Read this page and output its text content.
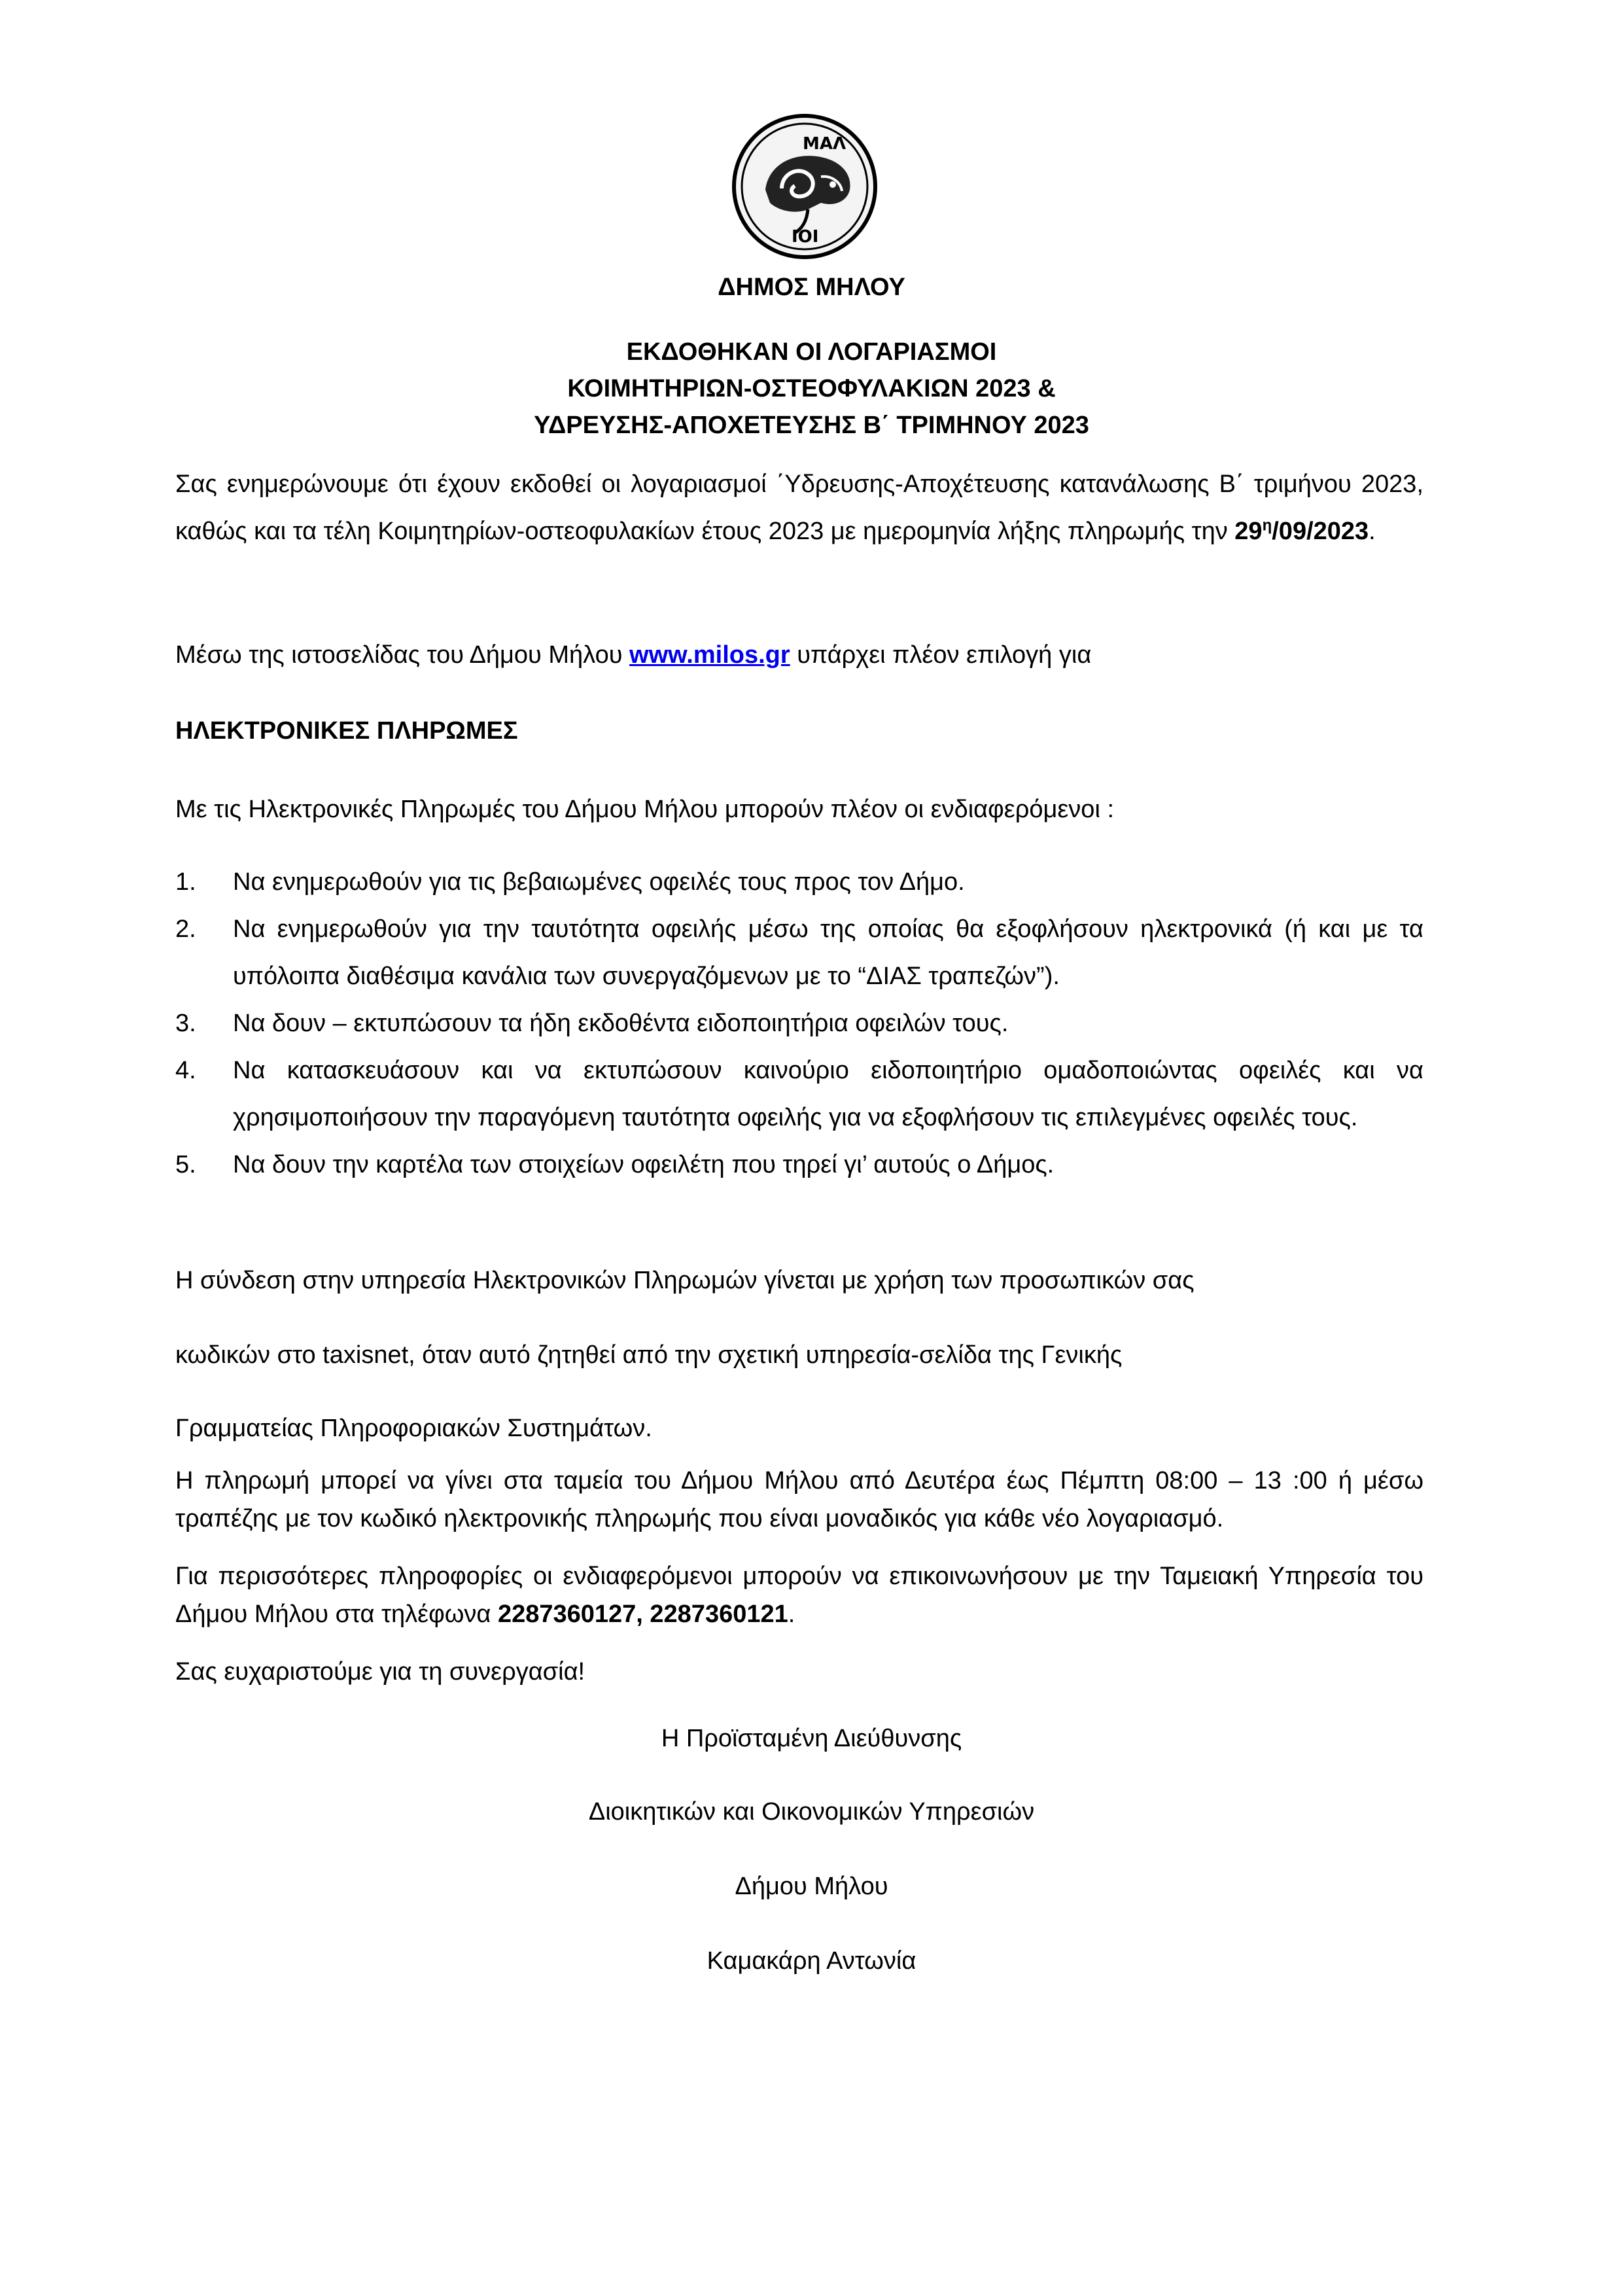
ΜΑΛ
ΙΟΙ
ΔΗΜΟΣ ΜΗΛΟΥ
ΕΚΔΟΘΗΚΑΝ ΟΙ ΛΟΓΑΡΙΑΣΜΟΙ
ΚΟΙΜΗΤΗΡΙΩΝ-ΟΣΤΕΟΦΥΛΑΚΙΩΝ 2023 &
ΥΔΡΕΥΣΗΣ-ΑΠΟΧΕΤΕΥΣΗΣ Β΄ ΤΡΙΜΗΝΟΥ 2023
Σας ενημερώνουμε ότι έχουν εκδοθεί οι λογαριασμοί ΄Υδρευσης-Αποχέτευσης κατανάλωσης Β΄ τριμήνου 2023, καθώς και τα τέλη Κοιμητηρίων-οστεοφυλακίων έτους 2023 με ημερομηνία λήξης πληρωμής την $29^\eta/09/2023$.
Μέσω της ιστοσελίδας του Δήμου Μήλου www.milos.gr υπάρχει πλέον επιλογή για
ΗΛΕΚΤΡΟΝΙΚΕΣ ΠΛΗΡΩΜΕΣ
Με τις Ηλεκτρονικές Πληρωμές του Δήμου Μήλου μπορούν πλέον οι ενδιαφερόμενοι :
1.	Να ενημερωθούν για τις βεβαιωμένες οφειλές τους προς τον Δήμο.
2.	Να ενημερωθούν για την ταυτότητα οφειλής μέσω της οποίας θα εξοφλήσουν ηλεκτρονικά (ή και με τα υπόλοιπα διαθέσιμα κανάλια των συνεργαζόμενων με το “ΔΙΑΣ τραπεζών”).
3.	Να δουν – εκτυπώσουν τα ήδη εκδοθέντα ειδοποιητήρια οφειλών τους.
4.	Να κατασκευάσουν και να εκτυπώσουν καινούριο ειδοποιητήριο ομαδοποιώντας οφειλές και να χρησιμοποιήσουν την παραγόμενη ταυτότητα οφειλής για να εξοφλήσουν τις επιλεγμένες οφειλές τους.
5.	Να δουν την καρτέλα των στοιχείων οφειλέτη που τηρεί γι’ αυτούς ο Δήμος.
Η σύνδεση στην υπηρεσία Ηλεκτρονικών Πληρωμών γίνεται με χρήση των προσωπικών σας
κωδικών στο taxisnet, όταν αυτό ζητηθεί από την σχετική υπηρεσία-σελίδα της Γενικής
Γραμματείας Πληροφοριακών Συστημάτων.
Η πληρωμή μπορεί να γίνει στα ταμεία του Δήμου Μήλου από Δευτέρα έως Πέμπτη 08:00 – 13 :00 ή μέσω τραπέζης με τον κωδικό ηλεκτρονικής πληρωμής που είναι μοναδικός για κάθε νέο λογαριασμό.
Για περισσότερες πληροφορίες οι ενδιαφερόμενοι μπορούν να επικοινωνήσουν με την Ταμειακή Υπηρεσία του Δήμου Μήλου στα τηλέφωνα 2287360127, 2287360121.
Σας ευχαριστούμε για τη συνεργασία!
Η Προϊσταμένη Διεύθυνσης
Διοικητικών και Οικονομικών Υπηρεσιών
Δήμου Μήλου
Καμακάρη Αντωνία
